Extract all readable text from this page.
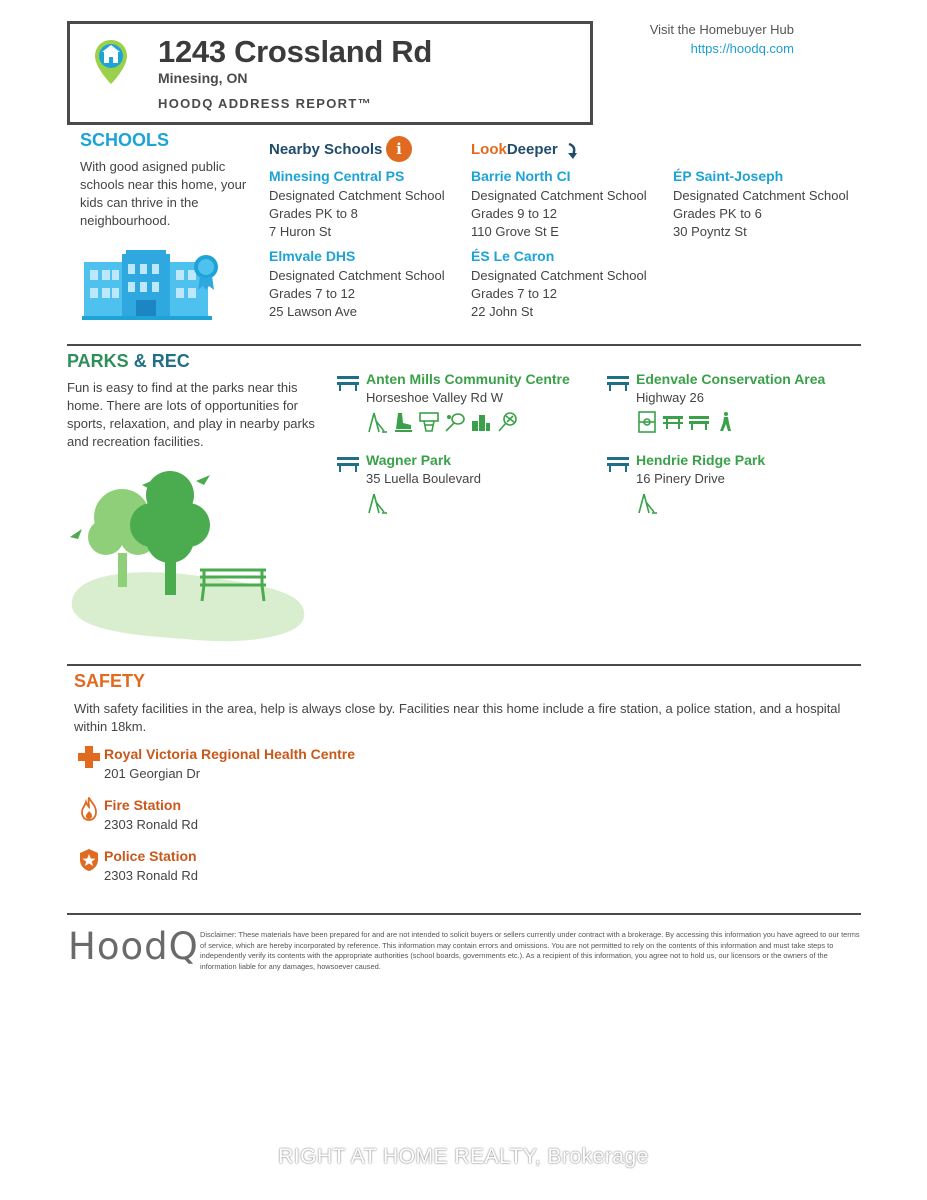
1243 Crossland Rd
Minesing, ON
HOODQ ADDRESS REPORT™
Visit the Homebuyer Hub
https://hoodq.com
SCHOOLS
With good asigned public schools near this home, your kids can thrive in the neighbourhood.
Nearby Schools i	LookDeeper
Minesing Central PS
Designated Catchment School
Grades PK to 8
7 Huron St
Barrie North CI
Designated Catchment School
Grades 9 to 12
110 Grove St E
ÉP Saint-Joseph
Designated Catchment School
Grades PK to 6
30 Poyntz St
Elmvale DHS
Designated Catchment School
Grades 7 to 12
25 Lawson Ave
ÉS Le Caron
Designated Catchment School
Grades 7 to 12
22 John St
PARKS & REC
Fun is easy to find at the parks near this home. There are lots of opportunities for sports, relaxation, and play in nearby parks and recreation facilities.
Anten Mills Community Centre
Horseshoe Valley Rd W
Edenvale Conservation Area
Highway 26
Wagner Park
35 Luella Boulevard
Hendrie Ridge Park
16 Pinery Drive
SAFETY
With safety facilities in the area, help is always close by. Facilities near this home include a fire station, a police station, and a hospital within 18km.
Royal Victoria Regional Health Centre
201 Georgian Dr
Fire Station
2303 Ronald Rd
Police Station
2303 Ronald Rd
HoodQ Disclaimer: These materials have been prepared for and are not intended to solicit buyers or sellers currently under contract with a brokerage. By accessing this information you have agreed to our terms of service, which are hereby incorporated by reference. This information may contain errors and omissions. You are not permitted to rely on the contents of this information and must take steps to independently verify its contents with the appropriate authorities (school boards, governments etc.). As a recipient of this information, you agree not to hold us, our licensors or the owners of the information liable for any damages, howsoever caused.
RIGHT AT HOME REALTY, Brokerage
